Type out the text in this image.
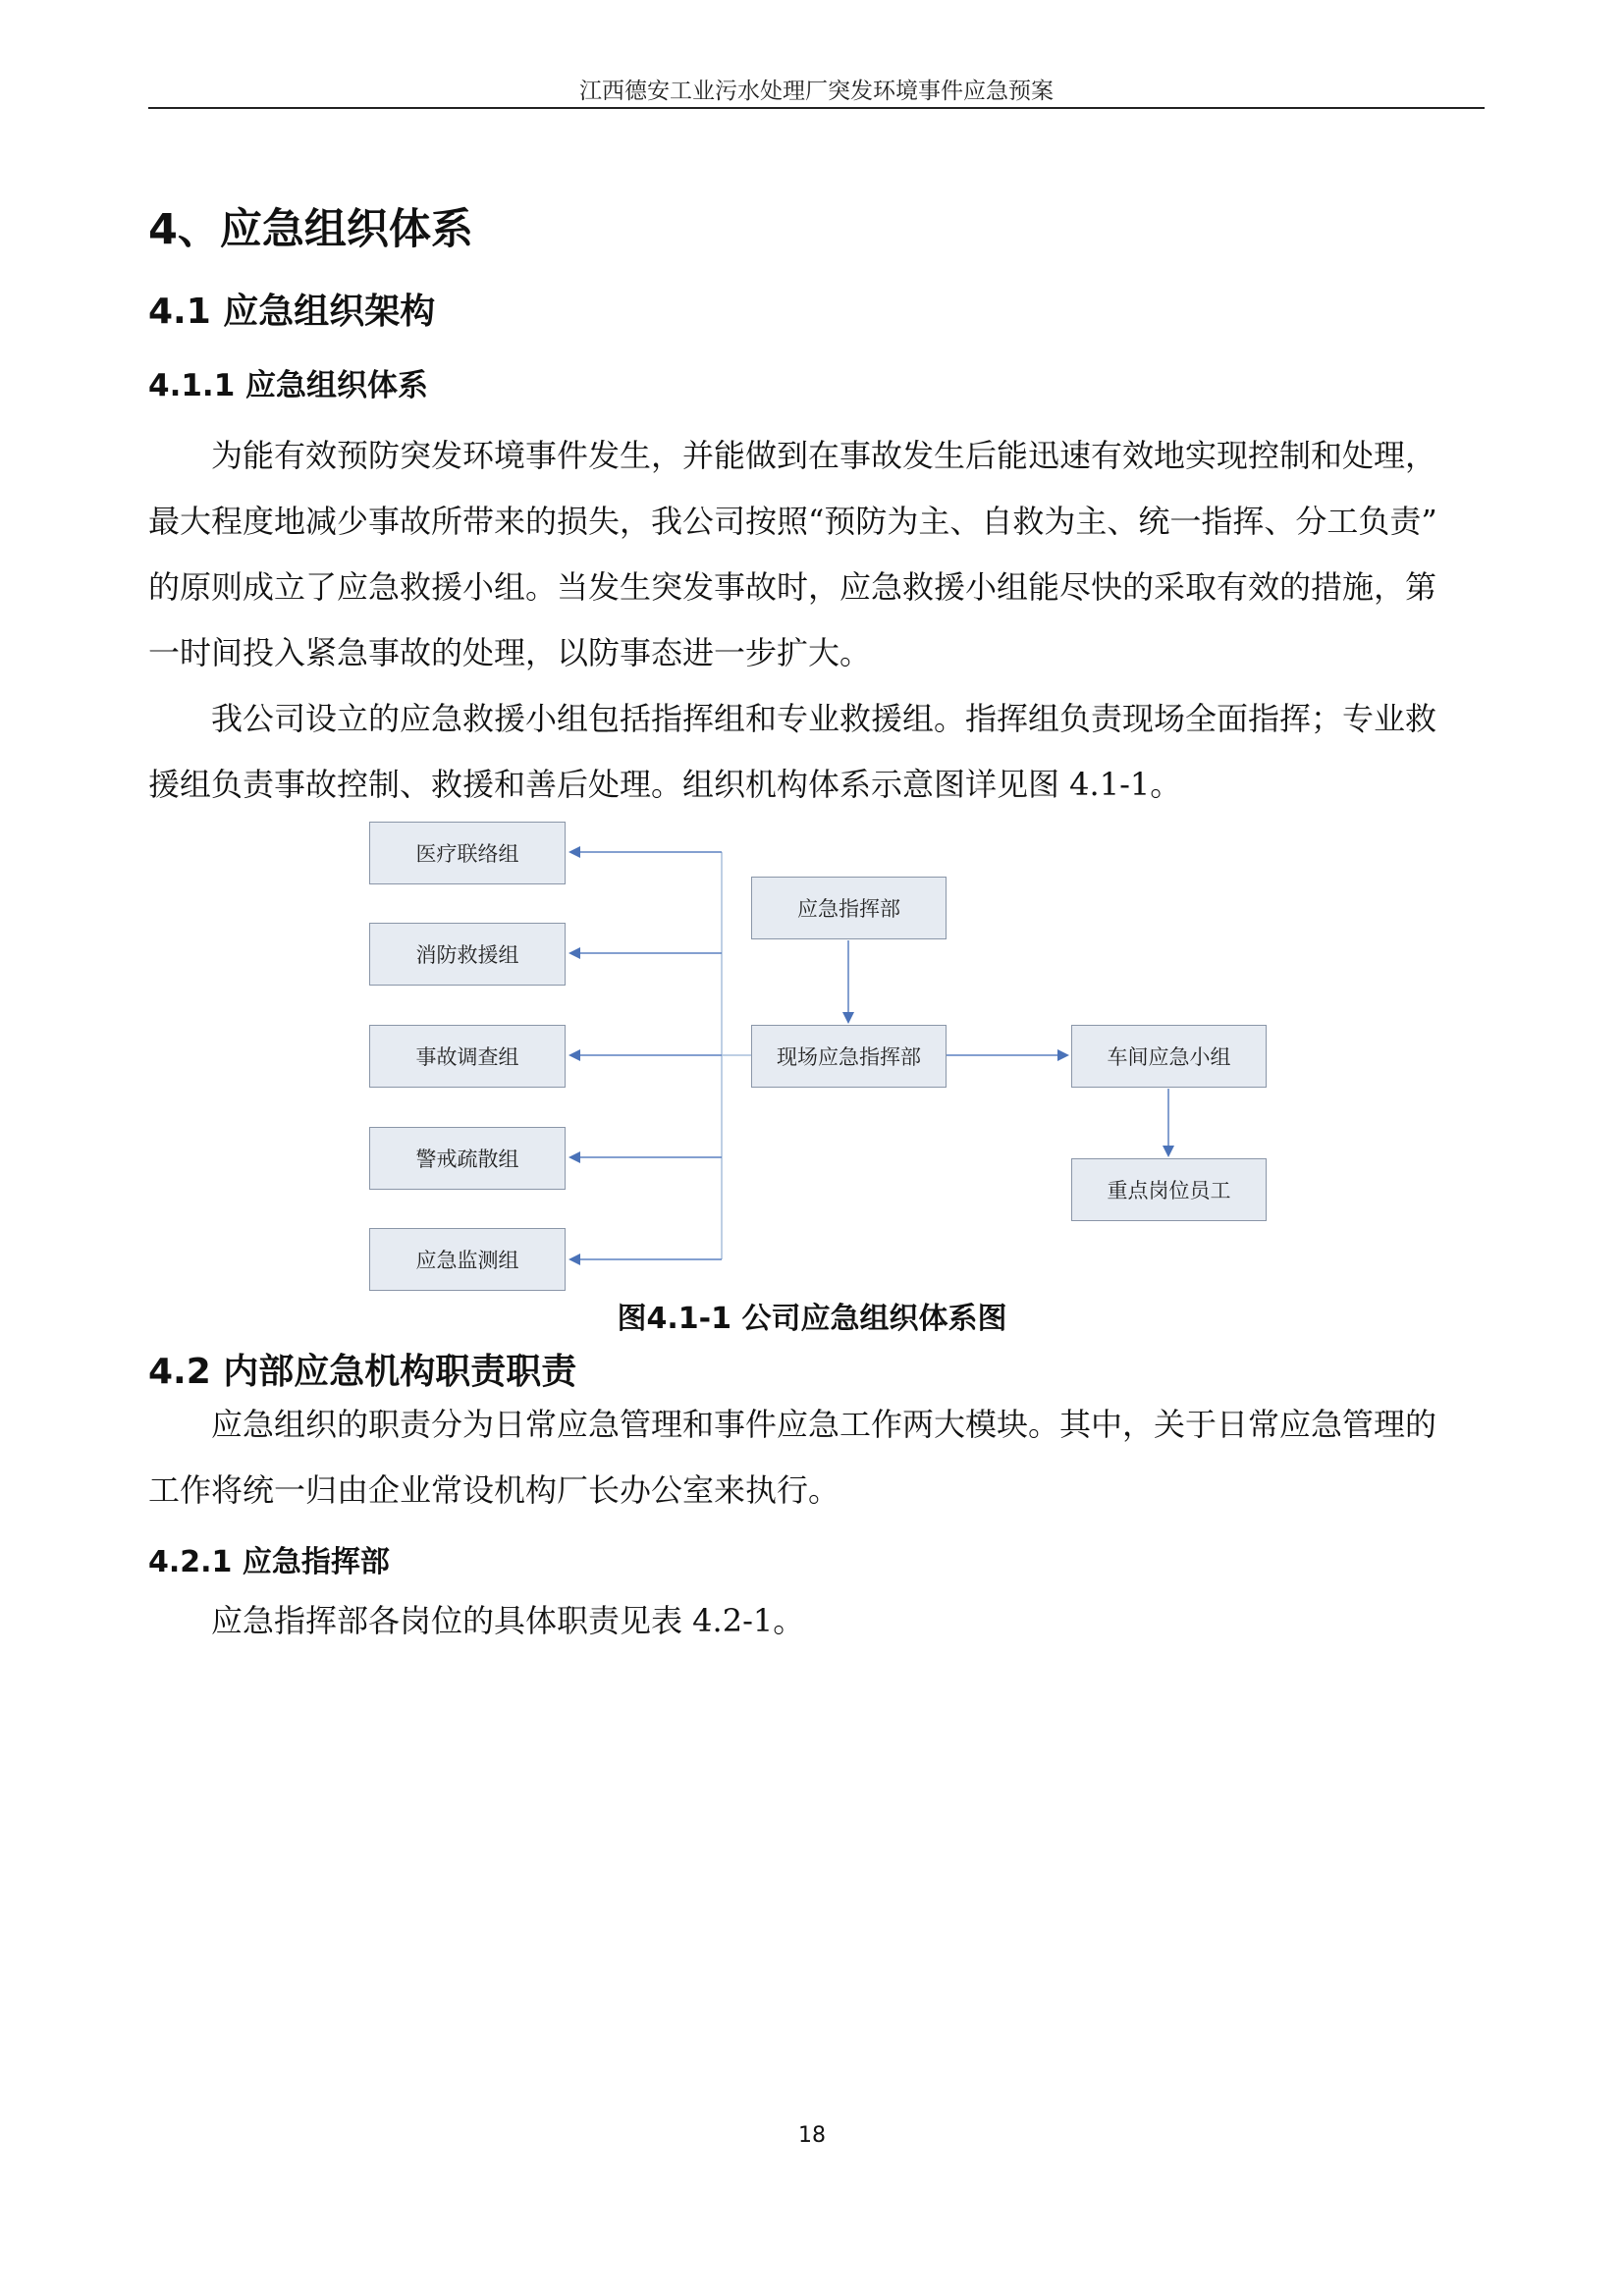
江西德安工业污水处理厂突发环境事件应急预案
4、应急组织体系
4.1 应急组织架构
4.1.1 应急组织体系

为能有效预防突发环境事件发生，并能做到在事故发生后能迅速有效地实现控制和处理，
最大程度地减少事故所带来的损失，我公司按照“预防为主、自救为主、统一指挥、分工负责”
的原则成立了应急救援小组。当发生突发事故时，应急救援小组能尽快的采取有效的措施，第
一时间投入紧急事故的处理，以防事态进一步扩大。

我公司设立的应急救援小组包括指挥组和专业救援组。指挥组负责现场全面指挥；专业救
援组负责事故控制、救援和善后处理。组织机构体系示意图详见图 4.1-1。

医疗联络组
消防救援组
事故调查组
警戒疏散组
应急监测组
应急指挥部
现场应急指挥部	车间应急小组
重点岗位员工
图4.1-1 公司应急组织体系图
4.2 内部应急机构职责职责

应急组织的职责分为日常应急管理和事件应急工作两大模块。其中，关于日常应急管理的
工作将统一归由企业常设机构厂长办公室来执行。

4.2.1 应急指挥部

应急指挥部各岗位的具体职责见表 4.2-1。

18
